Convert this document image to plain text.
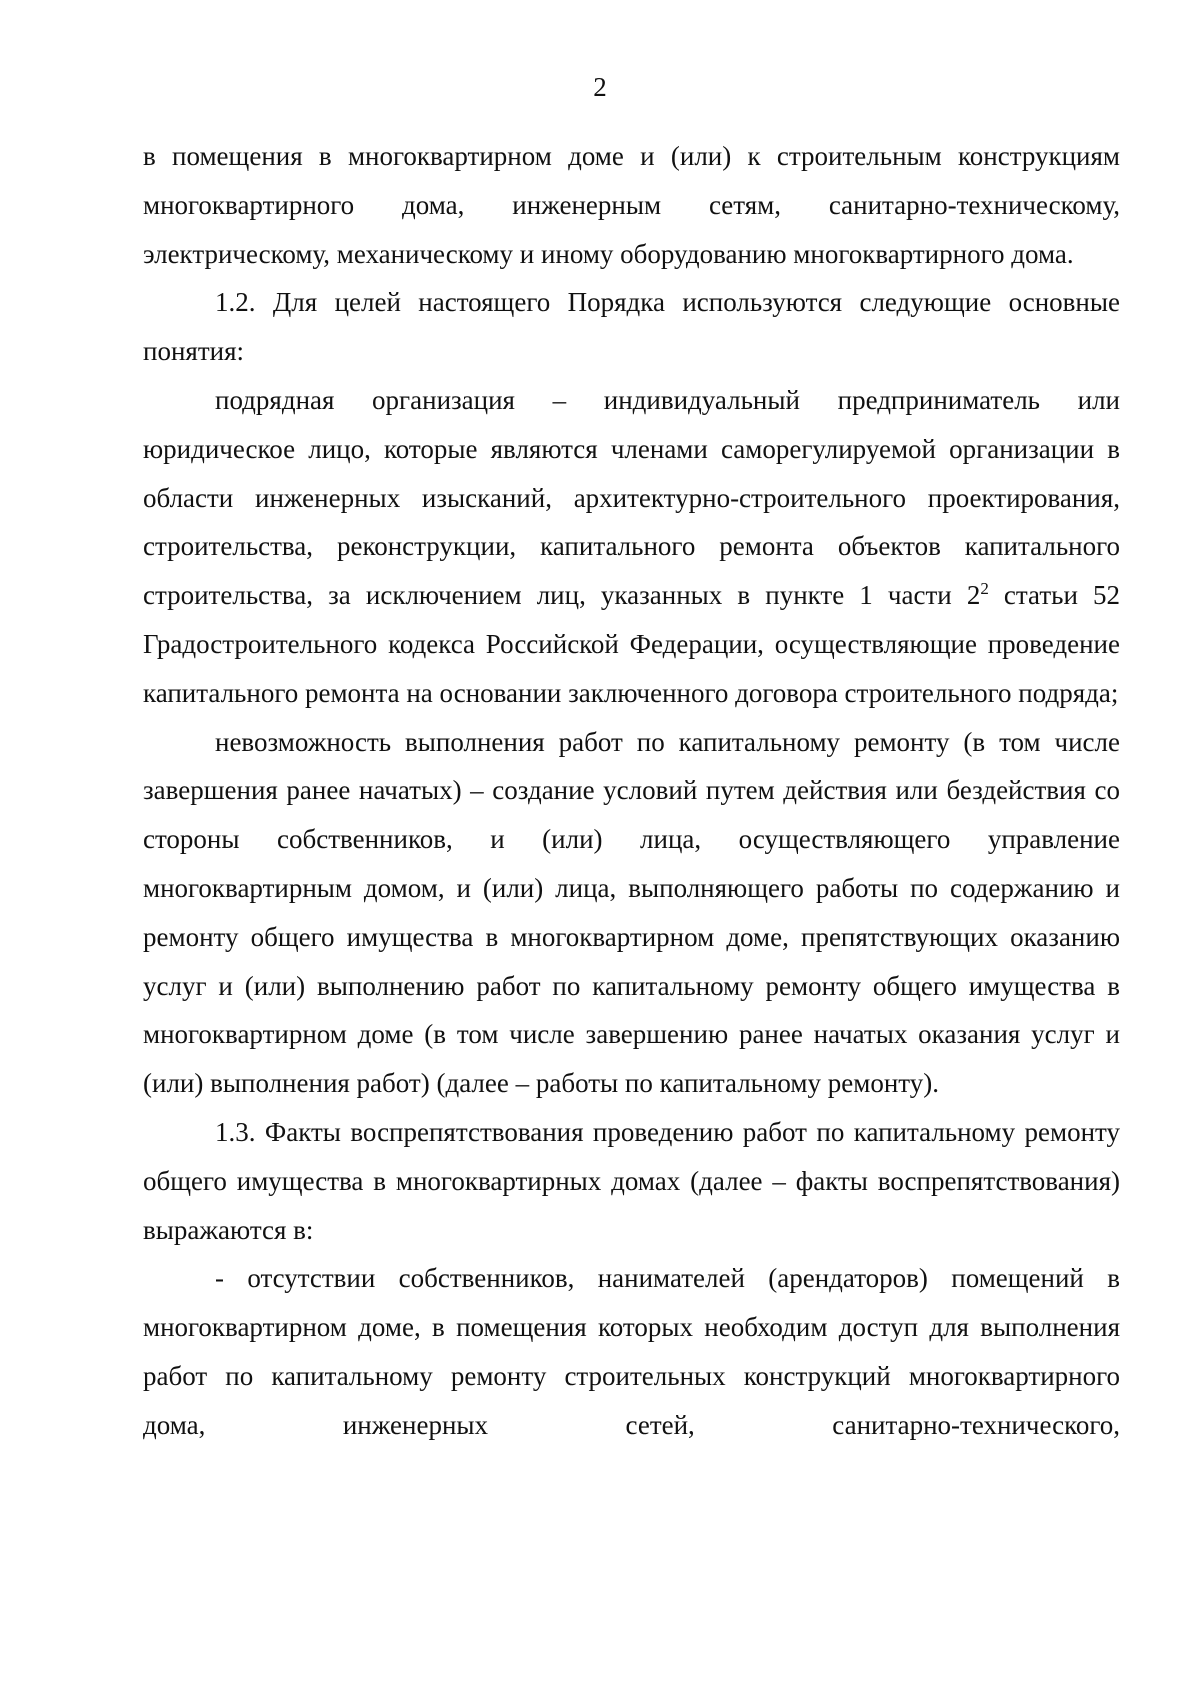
2

в помещения в многоквартирном доме и (или) к строительным конструкциям многоквартирного дома, инженерным сетям, санитарно-техническому, электрическому, механическому и иному оборудованию многоквартирного дома.

1.2. Для целей настоящего Порядка используются следующие основные понятия:

подрядная организация – индивидуальный предприниматель или юридическое лицо, которые являются членами саморегулируемой организации в области инженерных изысканий, архитектурно-строительного проектирования, строительства, реконструкции, капитального ремонта объектов капитального строительства, за исключением лиц, указанных в пункте 1 части $2^2$ статьи 52 Градостроительного кодекса Российской Федерации, осуществляющие проведение капитального ремонта на основании заключенного договора строительного подряда;

невозможность выполнения работ по капитальному ремонту (в том числе завершения ранее начатых) – создание условий путем действия или бездействия со стороны собственников, и (или) лица, осуществляющего управление многоквартирным домом, и (или) лица, выполняющего работы по содержанию и ремонту общего имущества в многоквартирном доме, препятствующих оказанию услуг и (или) выполнению работ по капитальному ремонту общего имущества в многоквартирном доме (в том числе завершению ранее начатых оказания услуг и (или) выполнения работ) (далее – работы по капитальному ремонту).

1.3. Факты воспрепятствования проведению работ по капитальному ремонту общего имущества в многоквартирных домах (далее – факты воспрепятствования) выражаются в:

- отсутствии собственников, нанимателей (арендаторов) помещений в многоквартирном доме, в помещения которых необходим доступ для выполнения работ по капитальному ремонту строительных конструкций многоквартирного дома, инженерных сетей, санитарно-технического,
